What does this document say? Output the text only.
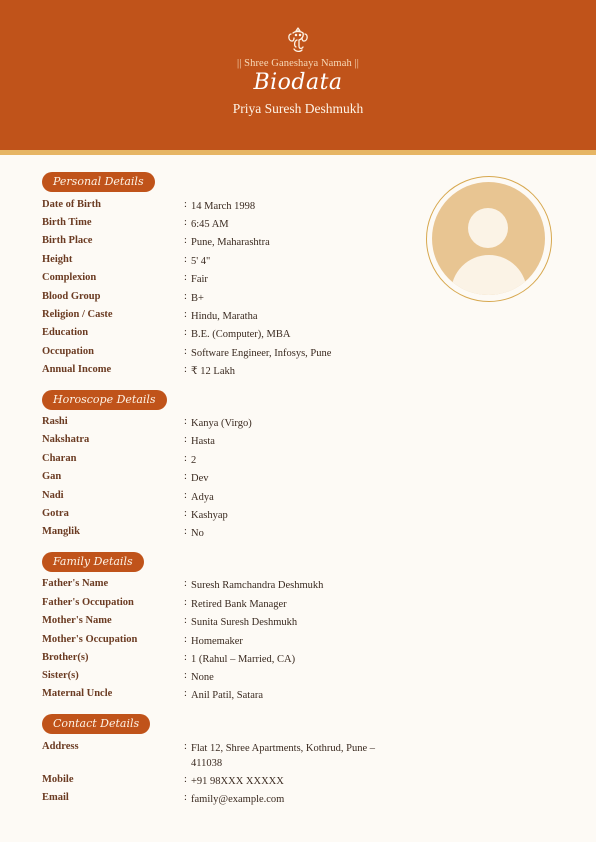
|| Shree Ganeshaya Namah ||
Biodata
Priya Suresh Deshmukh
Personal Details
Date of Birth	: 14 March 1998
Birth Time	: 6:45 AM
Birth Place	: Pune, Maharashtra
Height	: 5' 4"
Complexion	: Fair
Blood Group	: B+
Religion / Caste	: Hindu, Maratha
Education	: B.E. (Computer), MBA
Occupation	: Software Engineer, Infosys, Pune
Annual Income	: ₹ 12 Lakh
Horoscope Details
Rashi	: Kanya (Virgo)
Nakshatra	: Hasta
Charan	: 2
Gan	: Dev
Nadi	: Adya
Gotra	: Kashyap
Manglik	: No
Family Details
Father's Name	: Suresh Ramchandra Deshmukh
Father's Occupation	: Retired Bank Manager
Mother's Name	: Sunita Suresh Deshmukh
Mother's Occupation	: Homemaker
Brother(s)	: 1 (Rahul – Married, CA)
Sister(s)	: None
Maternal Uncle	: Anil Patil, Satara
Contact Details
Address	: Flat 12, Shree Apartments, Kothrud, Pune – 411038
Mobile	: +91 98XXX XXXXX
Email	: family@example.com
